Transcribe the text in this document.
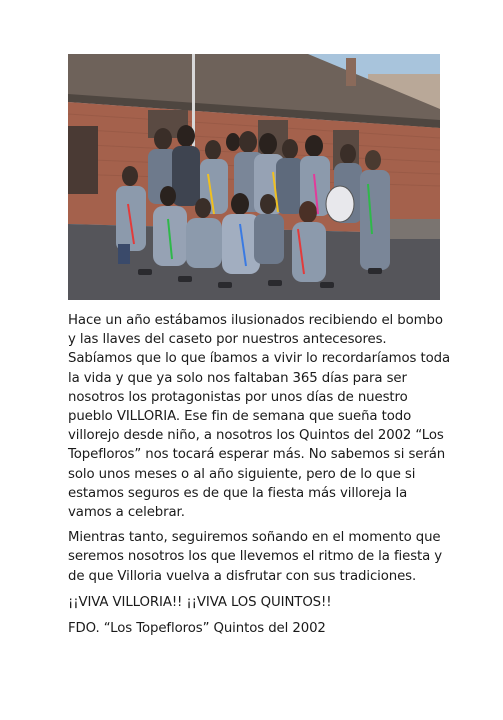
Hace un año estábamos ilusionados recibiendo el bombo y las llaves del caseto por nuestros antecesores. Sabíamos que lo que íbamos a vivir lo recordaríamos toda la vida y que ya solo nos faltaban 365 días para ser nosotros los protagonistas por unos días de nuestro pueblo VILLORIA. Ese fin de semana que sueña todo villorejo desde niño, a nosotros los Quintos del 2002 “Los Topefloros” nos tocará esperar más. No sabemos si serán solo unos meses o al año siguiente, pero de lo que si estamos seguros es de que la fiesta más villoreja la vamos a celebrar.

Mientras tanto, seguiremos soñando en el momento que seremos nosotros los que llevemos el ritmo de la fiesta y de que Villoria vuelva a disfrutar con sus tradiciones.

¡¡VIVA VILLORIA!! ¡¡VIVA LOS QUINTOS!!

FDO. “Los Topefloros” Quintos del 2002
